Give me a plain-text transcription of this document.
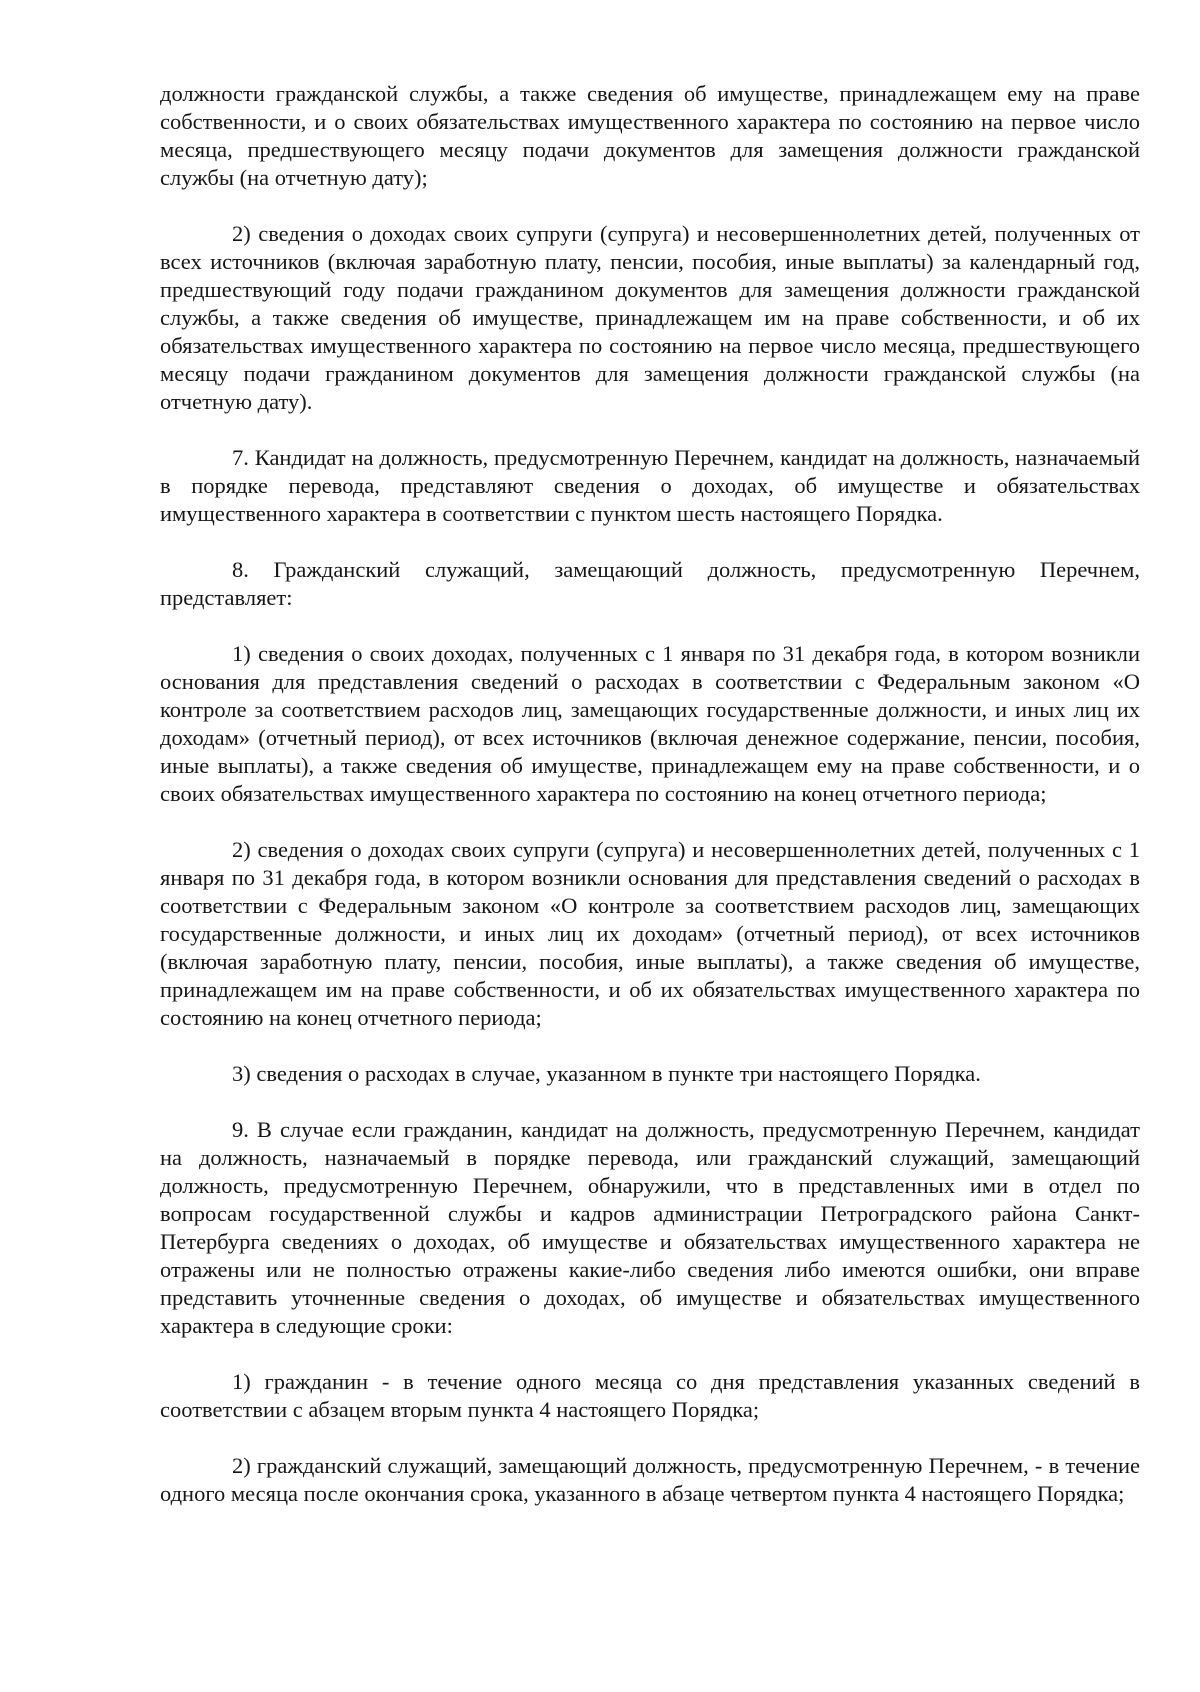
должности гражданской службы, а также сведения об имуществе, принадлежащем ему на праве собственности, и о своих обязательствах имущественного характера по состоянию на первое число месяца, предшествующего месяцу подачи документов для замещения должности гражданской службы (на отчетную дату);

2) сведения о доходах своих супруги (супруга) и несовершеннолетних детей, полученных от всех источников (включая заработную плату, пенсии, пособия, иные выплаты) за календарный год, предшествующий году подачи гражданином документов для замещения должности гражданской службы, а также сведения об имуществе, принадлежащем им на праве собственности, и об их обязательствах имущественного характера по состоянию на первое число месяца, предшествующего месяцу подачи гражданином документов для замещения должности гражданской службы (на отчетную дату).

7. Кандидат на должность, предусмотренную Перечнем, кандидат на должность, назначаемый в порядке перевода, представляют сведения о доходах, об имуществе и обязательствах имущественного характера в соответствии с пунктом шесть настоящего Порядка.

8. Гражданский служащий, замещающий должность, предусмотренную Перечнем, представляет:

1) сведения о своих доходах, полученных с 1 января по 31 декабря года, в котором возникли основания для представления сведений о расходах в соответствии с Федеральным законом «О контроле за соответствием расходов лиц, замещающих государственные должности, и иных лиц их доходам» (отчетный период), от всех источников (включая денежное содержание, пенсии, пособия, иные выплаты), а также сведения об имуществе, принадлежащем ему на праве собственности, и о своих обязательствах имущественного характера по состоянию на конец отчетного периода;

2) сведения о доходах своих супруги (супруга) и несовершеннолетних детей, полученных с 1 января по 31 декабря года, в котором возникли основания для представления сведений о расходах в соответствии с Федеральным законом «О контроле за соответствием расходов лиц, замещающих государственные должности, и иных лиц их доходам» (отчетный период), от всех источников (включая заработную плату, пенсии, пособия, иные выплаты), а также сведения об имуществе, принадлежащем им на праве собственности, и об их обязательствах имущественного характера по состоянию на конец отчетного периода;

3) сведения о расходах в случае, указанном в пункте три настоящего Порядка.

9. В случае если гражданин, кандидат на должность, предусмотренную Перечнем, кандидат на должность, назначаемый в порядке перевода, или гражданский служащий, замещающий должность, предусмотренную Перечнем, обнаружили, что в представленных ими в отдел по вопросам государственной службы и кадров администрации Петроградского района Санкт-Петербурга сведениях о доходах, об имуществе и обязательствах имущественного характера не отражены или не полностью отражены какие-либо сведения либо имеются ошибки, они вправе представить уточненные сведения о доходах, об имуществе и обязательствах имущественного характера в следующие сроки:

1) гражданин - в течение одного месяца со дня представления указанных сведений в соответствии с абзацем вторым пункта 4 настоящего Порядка;

2) гражданский служащий, замещающий должность, предусмотренную Перечнем, - в течение одного месяца после окончания срока, указанного в абзаце четвертом пункта 4 настоящего Порядка;
